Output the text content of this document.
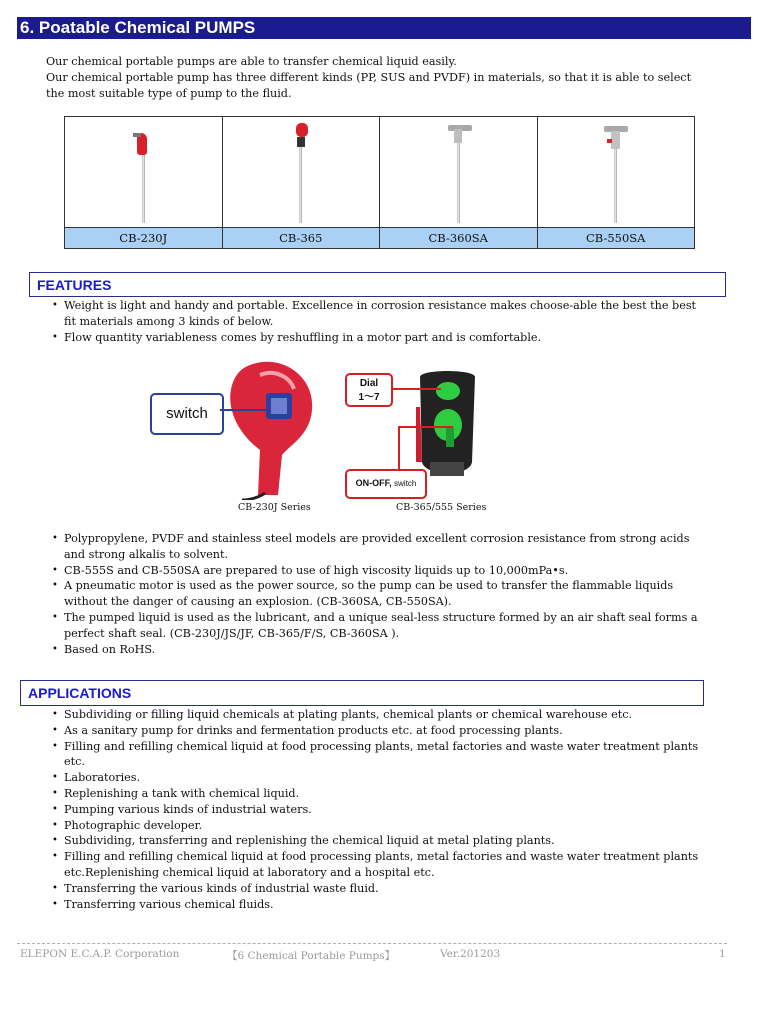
6. Poatable Chemical PUMPS

Our chemical portable pumps are able to transfer chemical liquid easily.

Our chemical portable pump has three different kinds (PP, SUS and PVDF) in materials, so that it is able to select the most suitable type of pump to the fluid.

CB-230J	CB-365	CB-360SA	CB-550SA
FEATURES
• Weight is light and handy and portable. Excellence in corrosion resistance makes choose-able the best the best fit materials among 3 kinds of below.
• Flow quantity variableness comes by reshuffling in a motor part and is comfortable.
switch
Dial
1～7
ON-OFF, switch
CB-230J Series	CB-365/555 Series
• Polypropylene, PVDF and stainless steel models are provided excellent corrosion resistance from strong acids and strong alkalis to solvent.
• CB-555S and CB-550SA are prepared to use of high viscosity liquids up to 10,000mPa•s.
• A pneumatic motor is used as the power source, so the pump can be used to transfer the flammable liquids without the danger of causing an explosion. (CB-360SA, CB-550SA).
• The pumped liquid is used as the lubricant, and a unique seal-less structure formed by an air shaft seal forms a perfect shaft seal. (CB-230J/JS/JF, CB-365/F/S, CB-360SA ).
• Based on RoHS.
APPLICATIONS
• Subdividing or filling liquid chemicals at plating plants, chemical plants or chemical warehouse etc.
• As a sanitary pump for drinks and fermentation products etc. at food processing plants.
• Filling and refilling chemical liquid at food processing plants, metal factories and waste water treatment plants etc.
• Laboratories.
• Replenishing a tank with chemical liquid.
• Pumping various kinds of industrial waters.
• Photographic developer.
• Subdividing, transferring and replenishing the chemical liquid at metal plating plants.
• Filling and refilling chemical liquid at food processing plants, metal factories and waste water treatment plants etc.Replenishing chemical liquid at laboratory and a hospital etc.
• Transferring the various kinds of industrial waste fluid.
• Transferring various chemical fluids.
ELEPON E.C.A.P. Corporation	【6 Chemical Portable Pumps】	Ver.201203	1
